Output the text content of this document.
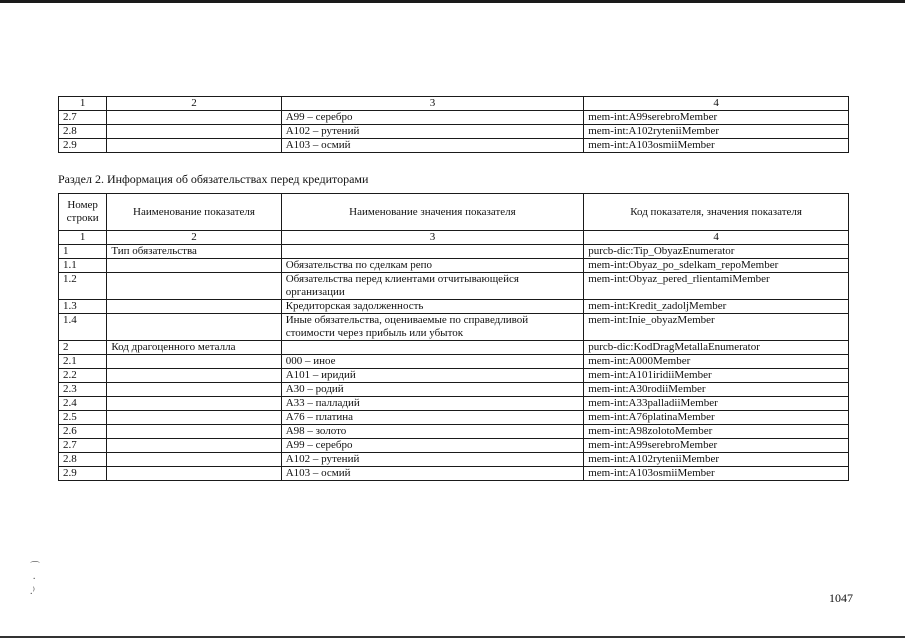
1	2	3	4
2.7		A99 – серебро	mem-int:A99serebroMember
2.8		A102 – рутений	mem-int:A102ryteniiMember
2.9		A103 – осмий	mem-int:A103osmiiMember
Раздел 2. Информация об обязательствах перед кредиторами
Номер строки	Наименование показателя	Наименование значения показателя	Код показателя, значения показателя
1	2	3	4
1	Тип обязательства		purcb-dic:Tip_ObyazEnumerator
1.1		Обязательства по сделкам репо	mem-int:Obyaz_po_sdelkam_repoMember
1.2		Обязательства перед клиентами отчитывающейся организации	mem-int:Obyaz_pered_rlientamiMember
1.3		Кредиторская задолженность	mem-int:Kredit_zadoljMember
1.4		Иные обязательства, оцениваемые по справедливой стоимости через прибыль или убыток	mem-int:Inie_obyazMember
2	Код драгоценного металла		purcb-dic:KodDragMetallaEnumerator
2.1		000 – иное	mem-int:A000Member
2.2		A101 – иридий	mem-int:A101iridiiMember
2.3		A30 – родий	mem-int:A30rodiiMember
2.4		A33 – палладий	mem-int:A33palladiiMember
2.5		A76 – платина	mem-int:A76platinaMember
2.6		A98 – золото	mem-int:A98zolotoMember
2.7		A99 – серебро	mem-int:A99serebroMember
2.8		A102 – рутений	mem-int:A102ryteniiMember
2.9		A103 – осмий	mem-int:A103osmiiMember
⌒
·
.⁾	1047
